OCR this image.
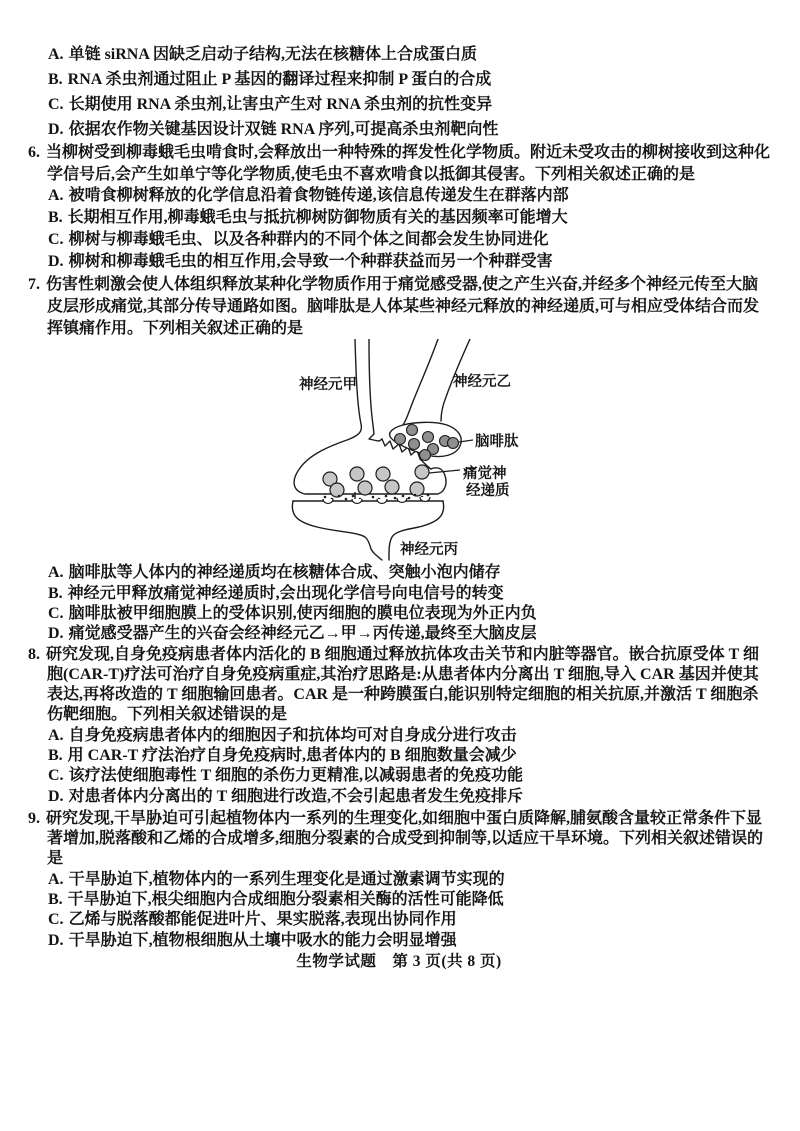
A. 单链 siRNA 因缺乏启动子结构,无法在核糖体上合成蛋白质
B. RNA 杀虫剂通过阻止 P 基因的翻译过程来抑制 P 蛋白的合成
C. 长期使用 RNA 杀虫剂,让害虫产生对 RNA 杀虫剂的抗性变异
D. 依据农作物关键基因设计双链 RNA 序列,可提高杀虫剂靶向性
6. 当柳树受到柳毒蛾毛虫啃食时,会释放出一种特殊的挥发性化学物质。附近未受攻击的柳树接收到这种化学信号后,会产生如单宁等化学物质,使毛虫不喜欢啃食以抵御其侵害。下列相关叙述正确的是
A. 被啃食柳树释放的化学信息沿着食物链传递,该信息传递发生在群落内部
B. 长期相互作用,柳毒蛾毛虫与抵抗柳树防御物质有关的基因频率可能增大
C. 柳树与柳毒蛾毛虫、以及各种群内的不同个体之间都会发生协同进化
D. 柳树和柳毒蛾毛虫的相互作用,会导致一个种群获益而另一个种群受害
7. 伤害性刺激会使人体组织释放某种化学物质作用于痛觉感受器,使之产生兴奋,并经多个神经元传至大脑皮层形成痛觉,其部分传导通路如图。脑啡肽是人体某些神经元释放的神经递质,可与相应受体结合而发挥镇痛作用。下列相关叙述正确的是
神经元甲	神经元乙
脑啡肽
痛觉神
经递质
神经元丙
A. 脑啡肽等人体内的神经递质均在核糖体合成、突触小泡内储存
B. 神经元甲释放痛觉神经递质时,会出现化学信号向电信号的转变
C. 脑啡肽被甲细胞膜上的受体识别,使丙细胞的膜电位表现为外正内负
D. 痛觉感受器产生的兴奋会经神经元乙→甲→丙传递,最终至大脑皮层
8. 研究发现,自身免疫病患者体内活化的 B 细胞通过释放抗体攻击关节和内脏等器官。嵌合抗原受体 T 细胞(CAR-T)疗法可治疗自身免疫病重症,其治疗思路是:从患者体内分离出 T 细胞,导入 CAR 基因并使其表达,再将改造的 T 细胞输回患者。CAR 是一种跨膜蛋白,能识别特定细胞的相关抗原,并激活 T 细胞杀伤靶细胞。下列相关叙述错误的是
A. 自身免疫病患者体内的细胞因子和抗体均可对自身成分进行攻击
B. 用 CAR-T 疗法治疗自身免疫病时,患者体内的 B 细胞数量会减少
C. 该疗法使细胞毒性 T 细胞的杀伤力更精准,以减弱患者的免疫功能
D. 对患者体内分离出的 T 细胞进行改造,不会引起患者发生免疫排斥
9. 研究发现,干旱胁迫可引起植物体内一系列的生理变化,如细胞中蛋白质降解,脯氨酸含量较正常条件下显著增加,脱落酸和乙烯的合成增多,细胞分裂素的合成受到抑制等,以适应干旱环境。下列相关叙述错误的是
A. 干旱胁迫下,植物体内的一系列生理变化是通过激素调节实现的
B. 干旱胁迫下,根尖细胞内合成细胞分裂素相关酶的活性可能降低
C. 乙烯与脱落酸都能促进叶片、果实脱落,表现出协同作用
D. 干旱胁迫下,植物根细胞从土壤中吸水的能力会明显增强
生物学试题　第 3 页(共 8 页)
